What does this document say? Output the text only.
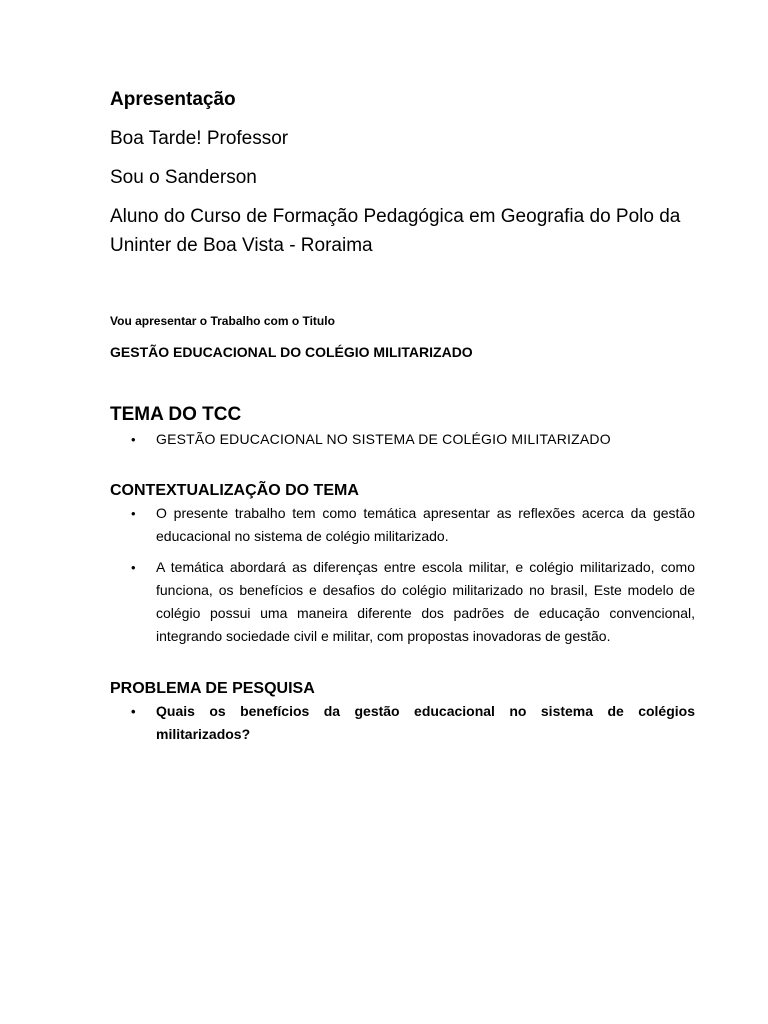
Apresentação
Boa Tarde! Professor
Sou o Sanderson
Aluno do Curso de Formação Pedagógica em Geografia do Polo da Uninter de Boa Vista - Roraima
Vou apresentar o Trabalho com o Titulo
GESTÃO EDUCACIONAL DO COLÉGIO MILITARIZADO
TEMA DO TCC
• GESTÃO EDUCACIONAL NO SISTEMA DE COLÉGIO MILITARIZADO
CONTEXTUALIZAÇÃO DO TEMA
• O presente trabalho tem como temática apresentar as reflexões acerca da gestão educacional no sistema de colégio militarizado.
• A temática abordará as diferenças entre escola militar, e colégio militarizado, como funciona, os benefícios e desafios do colégio militarizado no brasil, Este modelo de colégio possui uma maneira diferente dos padrões de educação convencional, integrando sociedade civil e militar, com propostas inovadoras de gestão.
PROBLEMA DE PESQUISA
• Quais os benefícios da gestão educacional no sistema de colégios militarizados?
